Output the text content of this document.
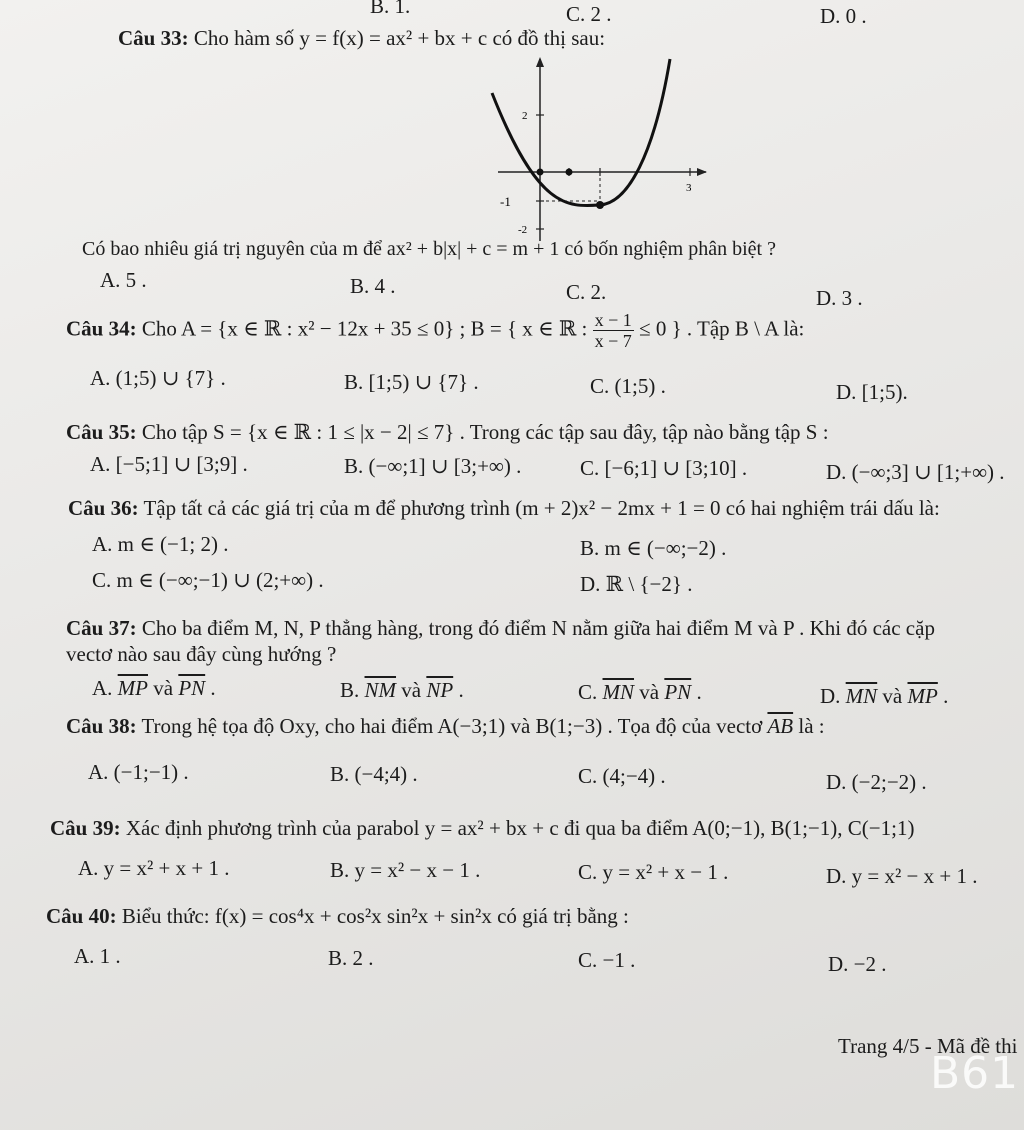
B. 1.	C. 2 .	D. 0 .
Câu 33: Cho hàm số y = f(x) = ax² + bx + c có đồ thị sau:
2
3
-1
-2
Có bao nhiêu giá trị nguyên của m để ax² + b|x| + c = m + 1 có bốn nghiệm phân biệt ?
A. 5 .	B. 4 .	C. 2.	D. 3 .
Câu 34: Cho A = {x ∈ ℝ : x² − 12x + 35 ≤ 0} ; B = { x ∈ ℝ : $\frac{x - 1}{x - 7} \le 0$ } . Tập B \ A là:
A. (1;5) ∪ {7} .	B. [1;5) ∪ {7} .	C. (1;5) .	D. [1;5).
Câu 35: Cho tập S = {x ∈ ℝ : 1 ≤ |x − 2| ≤ 7} . Trong các tập sau đây, tập nào bằng tập S :
A. [−5;1] ∪ [3;9] .	B. (−∞;1] ∪ [3;+∞) .	C. [−6;1] ∪ [3;10] .	D. (−∞;3] ∪ [1;+∞) .
Câu 36: Tập tất cả các giá trị của m để phương trình (m + 2)x² − 2mx + 1 = 0 có hai nghiệm trái dấu là:
A. m ∈ (−1; 2) .	B. m ∈ (−∞;−2) .
C. m ∈ (−∞;−1) ∪ (2;+∞) .	D. ℝ \ {−2} .
Câu 37: Cho ba điểm M, N, P thẳng hàng, trong đó điểm N nằm giữa hai điểm M và P . Khi đó các cặp
vectơ nào sau đây cùng hướng ?
A. $\overline{MP}$ và $\overline{PN}$ .	B. $\overline{NM}$ và $\overline{NP}$ .	C. $\overline{MN}$ và $\overline{PN}$ .	D. $\overline{MN}$ và $\overline{MP}$ .
Câu 38: Trong hệ tọa độ Oxy, cho hai điểm A(−3;1) và B(1;−3) . Tọa độ của vectơ $\overline{AB}$ là :
A. (−1;−1) .	B. (−4;4) .	C. (4;−4) .	D. (−2;−2) .
Câu 39: Xác định phương trình của parabol y = ax² + bx + c đi qua ba điểm A(0;−1), B(1;−1), C(−1;1)
A. y = x² + x + 1 .	B. y = x² − x − 1 .	C. y = x² + x − 1 .	D. y = x² − x + 1 .
Câu 40: Biểu thức: f(x) = cos⁴x + cos²x sin²x + sin²x có giá trị bằng :
A. 1 .	B. 2 .	C. −1 .	D. −2 .
Trang 4/5 - Mã đề thi
B61
